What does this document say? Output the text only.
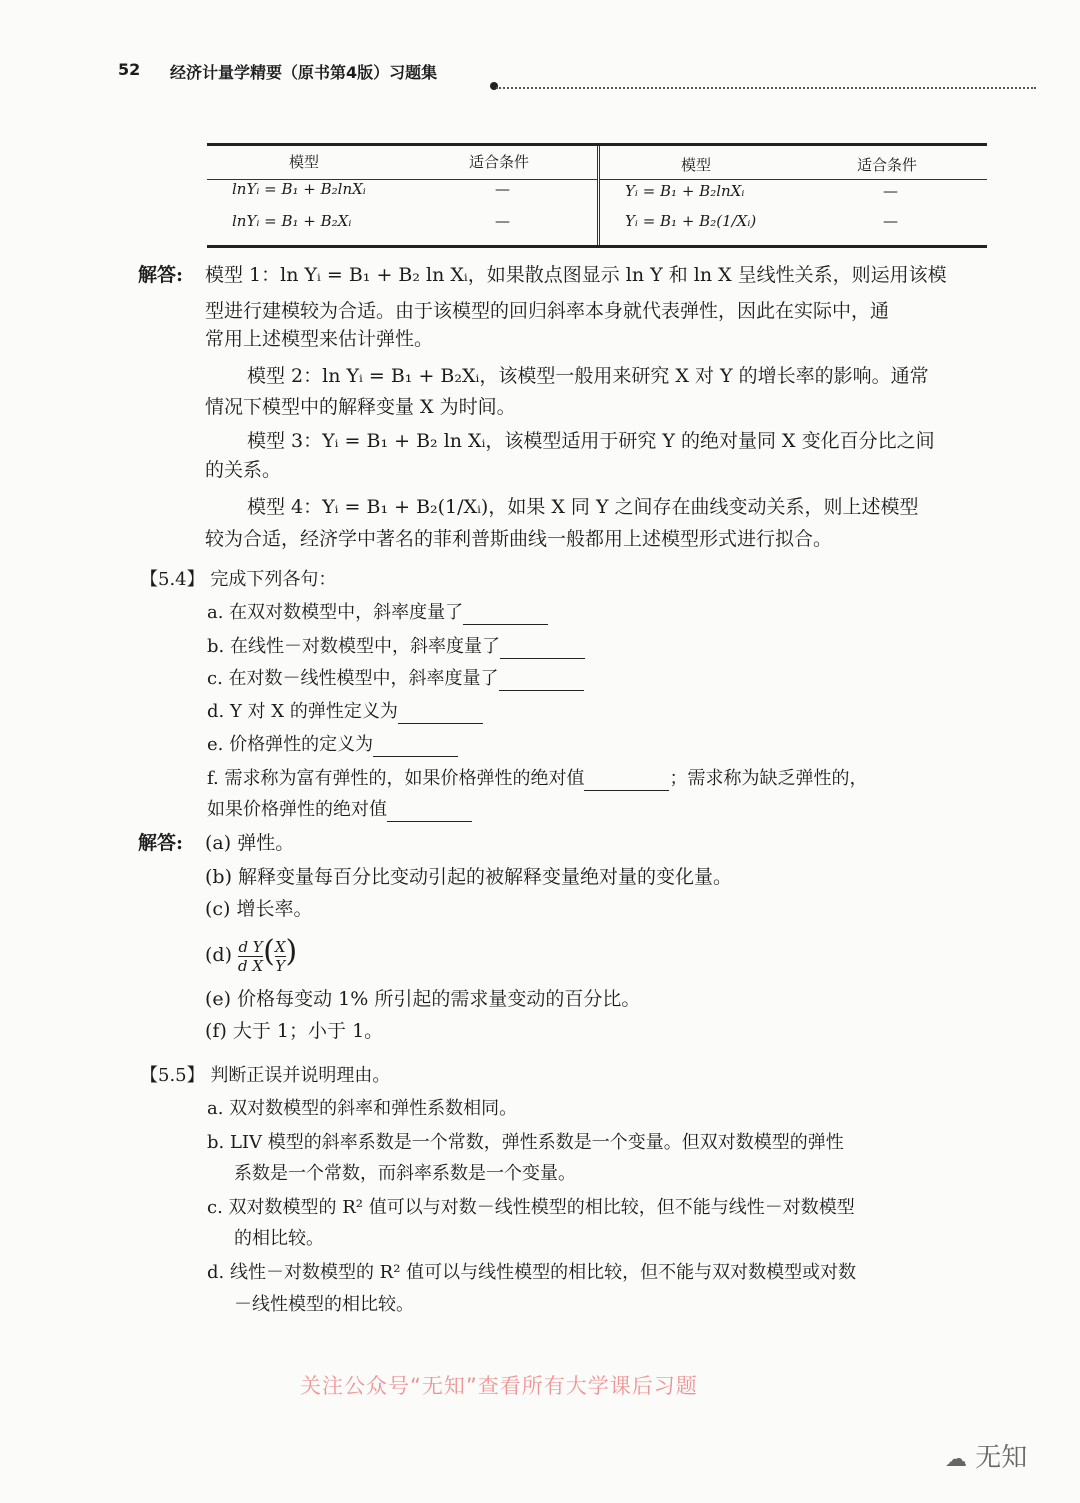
52 经济计量学精要（原书第4版）习题集
模型	适合条件	模型	适合条件
lnYᵢ = B₁ + B₂lnXᵢ	—	Yᵢ = B₁ + B₂lnXᵢ	—
lnYᵢ = B₁ + B₂Xᵢ	—	Yᵢ = B₁ + B₂(1/Xᵢ)	—
解答: 模型 1：ln Yᵢ = B₁ + B₂ ln Xᵢ，如果散点图显示 ln Y 和 ln X 呈线性关系，则运用该模
型进行建模较为合适。由于该模型的回归斜率本身就代表弹性，因此在实际中，通
常用上述模型来估计弹性。
模型 2：ln Yᵢ = B₁ + B₂Xᵢ，该模型一般用来研究 X 对 Y 的增长率的影响。通常
情况下模型中的解释变量 X 为时间。
模型 3：Yᵢ = B₁ + B₂ ln Xᵢ，该模型适用于研究 Y 的绝对量同 X 变化百分比之间
的关系。
模型 4：Yᵢ = B₁ + B₂(1/Xᵢ)，如果 X 同 Y 之间存在曲线变动关系，则上述模型
较为合适，经济学中著名的菲利普斯曲线一般都用上述模型形式进行拟合。
【5.4】 完成下列各句：
a. 在双对数模型中，斜率度量了
b. 在线性－对数模型中，斜率度量了
c. 在对数－线性模型中，斜率度量了
d. Y 对 X 的弹性定义为
e. 价格弹性的定义为
f. 需求称为富有弹性的，如果价格弹性的绝对值	；需求称为缺乏弹性的，
如果价格弹性的绝对值
解答: (a) 弹性。
(b) 解释变量每百分比变动引起的被解释变量绝对量的变化量。
(c) 增长率。
$(d) \frac{\text{d Y}}{\text{d X}}$ ( $\frac{X}{Y}$ )
(e) 价格每变动 1% 所引起的需求量变动的百分比。
(f) 大于 1；小于 1。
【5.5】 判断正误并说明理由。
a. 双对数模型的斜率和弹性系数相同。
b. LIV 模型的斜率系数是一个常数，弹性系数是一个变量。但双对数模型的弹性
系数是一个常数，而斜率系数是一个变量。
c. 双对数模型的 R² 值可以与对数－线性模型的相比较，但不能与线性－对数模型
的相比较。
d. 线性－对数模型的 R² 值可以与线性模型的相比较，但不能与双对数模型或对数
－线性模型的相比较。
关注公众号“无知”查看所有大学课后习题
☁ 无知
